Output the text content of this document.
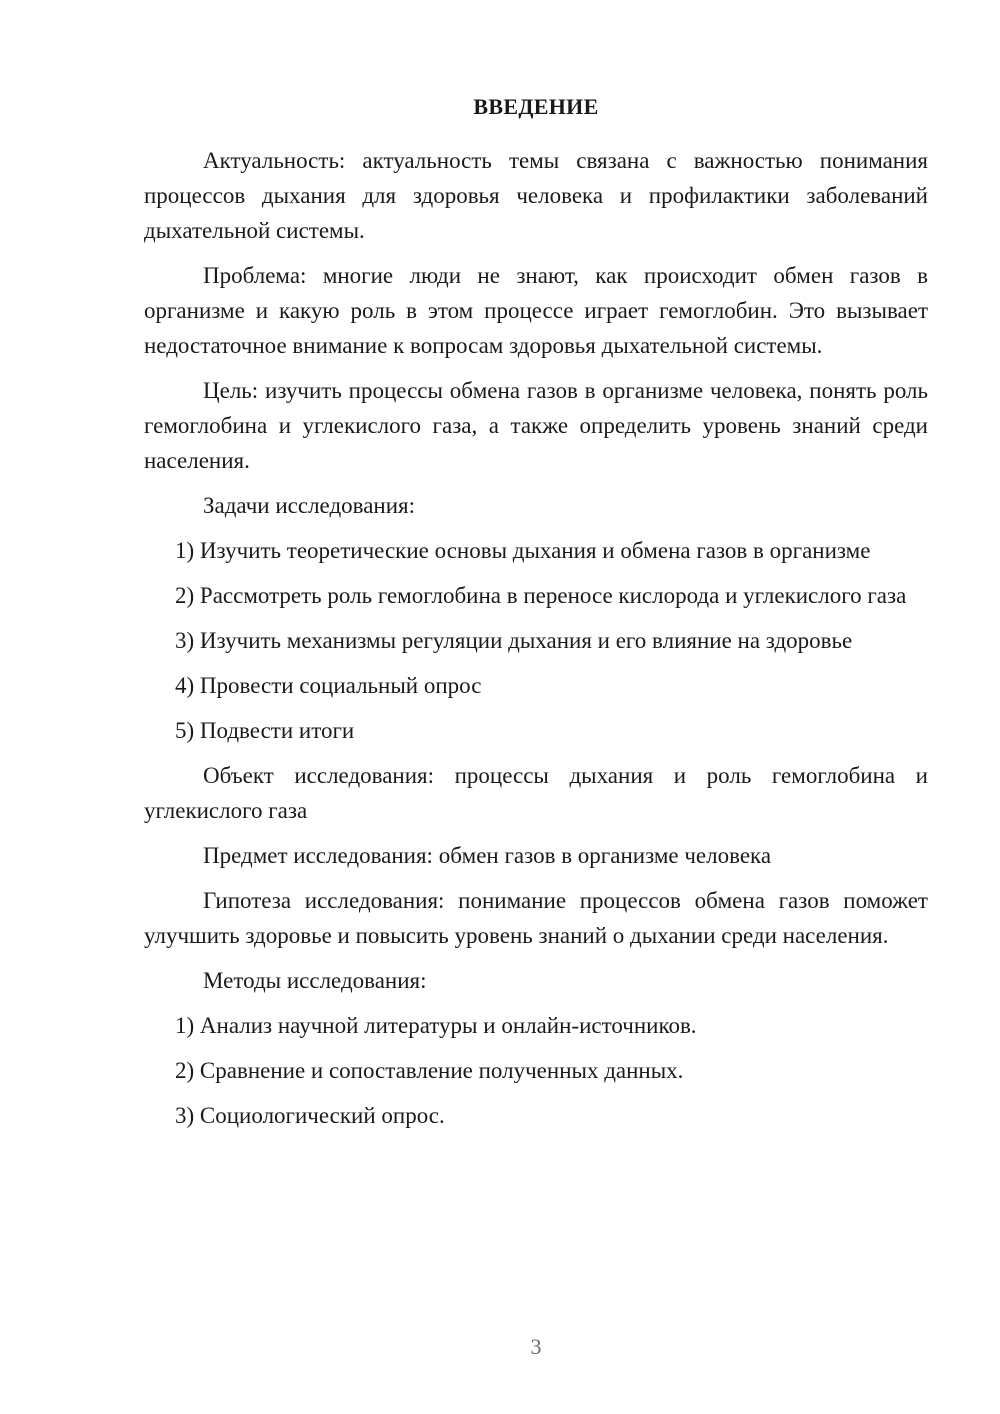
ВВЕДЕНИЕ

Актуальность: актуальность темы связана с важностью понимания процессов дыхания для здоровья человека и профилактики заболеваний дыхательной системы.

Проблема: многие люди не знают, как происходит обмен газов в организме и какую роль в этом процессе играет гемоглобин. Это вызывает недостаточное внимание к вопросам здоровья дыхательной системы.

Цель: изучить процессы обмена газов в организме человека, понять роль гемоглобина и углекислого газа, а также определить уровень знаний среди населения.

Задачи исследования:

1) Изучить теоретические основы дыхания и обмена газов в организме

2) Рассмотреть роль гемоглобина в переносе кислорода и углекислого газа

3) Изучить механизмы регуляции дыхания и его влияние на здоровье

4) Провести социальный опрос

5) Подвести итоги

Объект исследования: процессы дыхания и роль гемоглобина и углекислого газа

Предмет исследования: обмен газов в организме человека

Гипотеза исследования: понимание процессов обмена газов поможет улучшить здоровье и повысить уровень знаний о дыхании среди населения.

Методы исследования:

1) Анализ научной литературы и онлайн-источников.

2) Сравнение и сопоставление полученных данных.

3) Социологический опрос.

3
